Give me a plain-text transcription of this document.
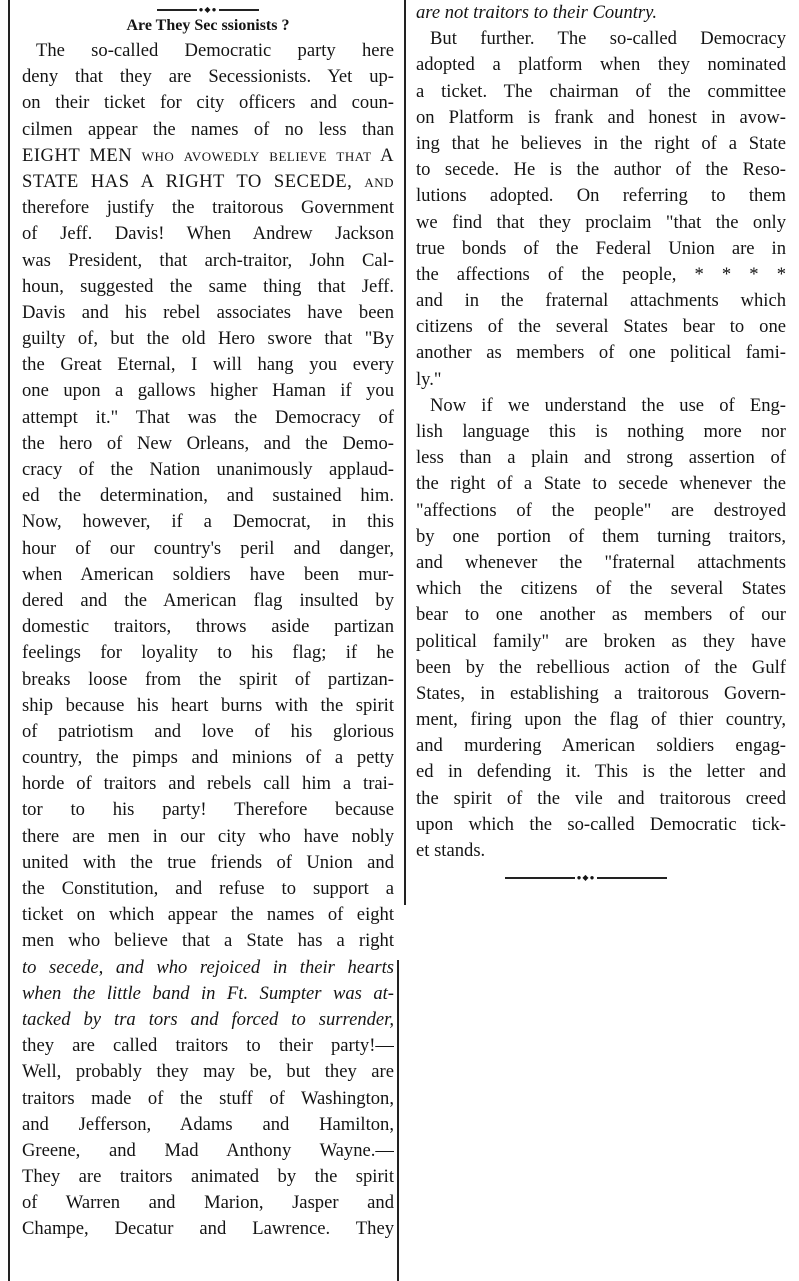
●◆●
Are They Sec ssionists ?
The so-called Democratic party here
deny that they are Secessionists. Yet up-
on their ticket for city officers and coun-
cilmen appear the names of no less than
EIGHT MEN who avowedly believe that A
STATE HAS A RIGHT TO SECEDE, and
therefore justify the traitorous Government
of Jeff. Davis! When Andrew Jackson
was President, that arch-traitor, John Cal-
houn, suggested the same thing that Jeff.
Davis and his rebel associates have been
guilty of, but the old Hero swore that "By
the Great Eternal, I will hang you every
one upon a gallows higher Haman if you
attempt it." That was the Democracy of
the hero of New Orleans, and the Demo-
cracy of the Nation unanimously applaud-
ed the determination, and sustained him.
Now, however, if a Democrat, in this
hour of our country's peril and danger,
when American soldiers have been mur-
dered and the American flag insulted by
domestic traitors, throws aside partizan
feelings for loyality to his flag; if he
breaks loose from the spirit of partizan-
ship because his heart burns with the spirit
of patriotism and love of his glorious
country, the pimps and minions of a petty
horde of traitors and rebels call him a trai-
tor to his party! Therefore because
there are men in our city who have nobly
united with the true friends of Union and
the Constitution, and refuse to support a
ticket on which appear the names of eight
men who believe that a State has a right
to secede, and who rejoiced in their hearts
when the little band in Ft. Sumpter was at-
tacked by tra tors and forced to surrender,
they are called traitors to their party!—
Well, probably they may be, but they are
traitors made of the stuff of Washington,
and Jefferson, Adams and Hamilton,
Greene, and Mad Anthony Wayne.—
They are traitors animated by the spirit
of Warren and Marion, Jasper and
Champe, Decatur and Lawrence. They
are not traitors to their Country.
But further. The so-called Democracy
adopted a platform when they nominated
a ticket. The chairman of the committee
on Platform is frank and honest in avow-
ing that he believes in the right of a State
to secede. He is the author of the Reso-
lutions adopted. On referring to them
we find that they proclaim "that the only
true bonds of the Federal Union are in
the affections of the people, * * * *
and in the fraternal attachments which
citizens of the several States bear to one
another as members of one political fami-
ly."
Now if we understand the use of Eng-
lish language this is nothing more nor
less than a plain and strong assertion of
the right of a State to secede whenever the
"affections of the people" are destroyed
by one portion of them turning traitors,
and whenever the "fraternal attachments
which the citizens of the several States
bear to one another as members of our
political family" are broken as they have
been by the rebellious action of the Gulf
States, in establishing a traitorous Govern-
ment, firing upon the flag of thier country,
and murdering American soldiers engag-
ed in defending it. This is the letter and
the spirit of the vile and traitorous creed
upon which the so-called Democratic tick-
et stands.
●◆●
